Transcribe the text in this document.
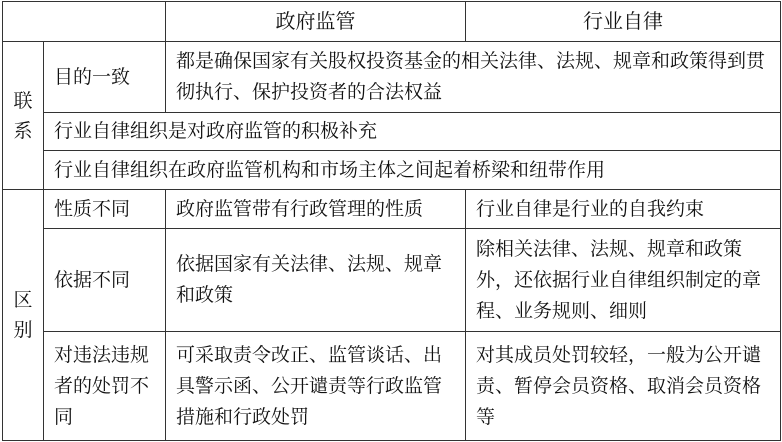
		政府监管	行业自律

联
系	目的一致	都是确保国家有关股权投资基金的相关法律、法规、规章和政策得到贯彻执行、保护投资者的合法权益	
	行业自律组织是对政府监管的积极补充		
	行业自律组织在政府监管机构和市场主体之间起着桥梁和纽带作用		

区
别	性质不同	政府监管带有行政管理的性质	行业自律是行业的自我约束
	依据不同	依据国家有关法律、法规、规章和政策	除相关法律、法规、规章和政策外，还依据行业自律组织制定的章程、业务规则、细则
	对违法违规者的处罚不同	可采取责令改正、监管谈话、出具警示函、公开谴责等行政监管措施和行政处罚	对其成员处罚较轻，一般为公开谴责、暂停会员资格、取消会员资格等
